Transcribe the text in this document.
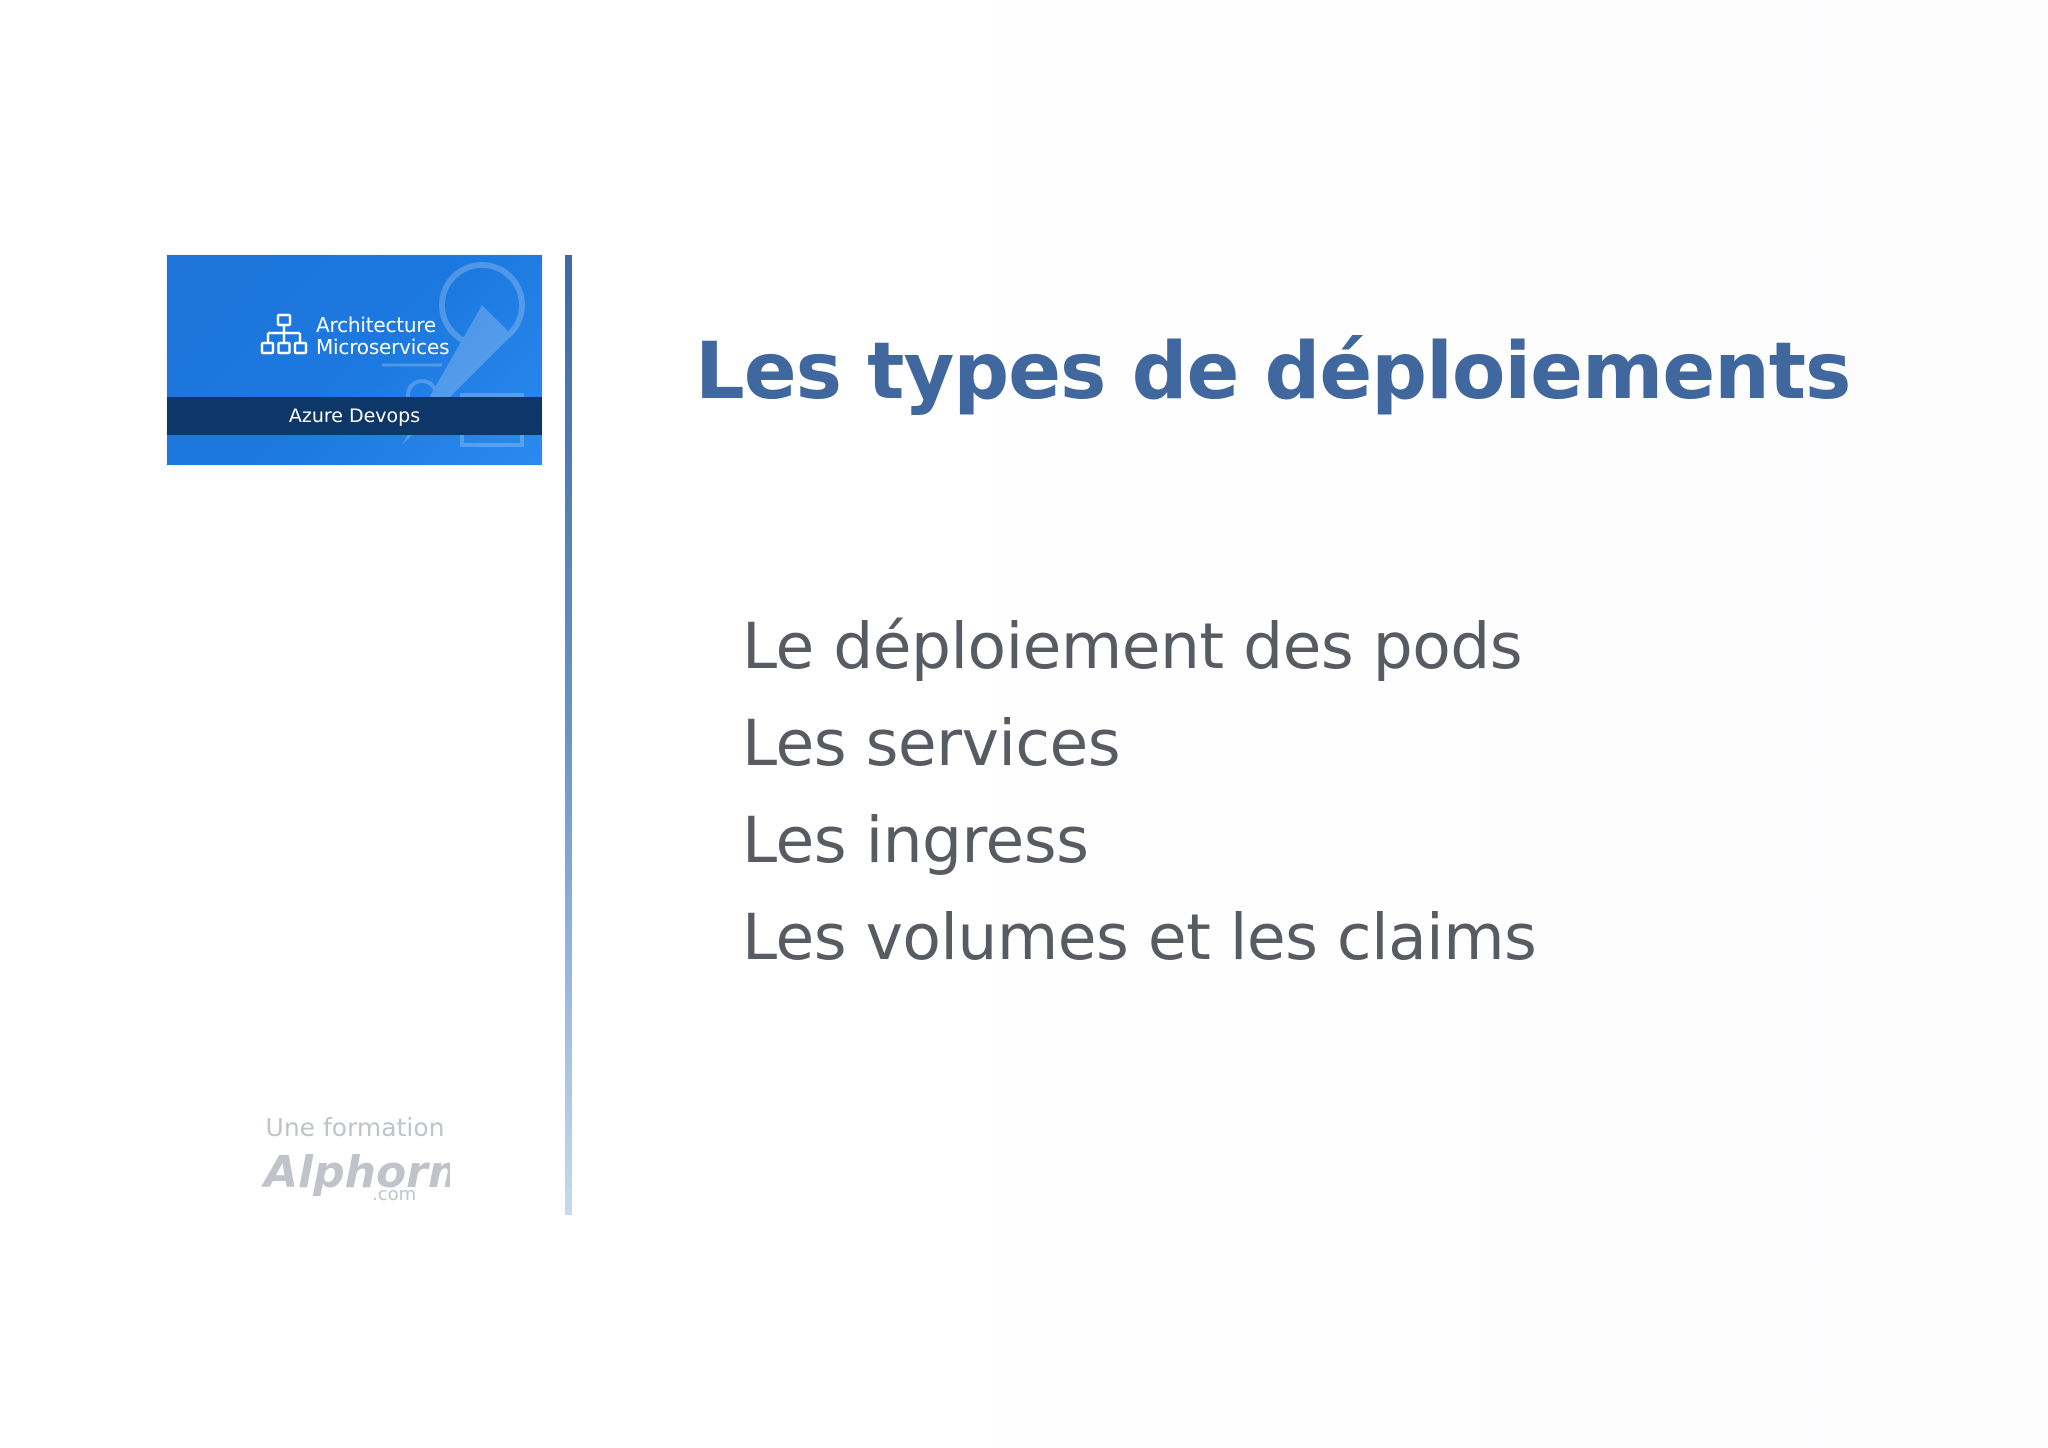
Architecture
Microservices
Azure Devops
Une formation
Alphor
.com
Les types de déploiements
Le déploiement des pods
Les services
Les ingress
Les volumes et les claims
